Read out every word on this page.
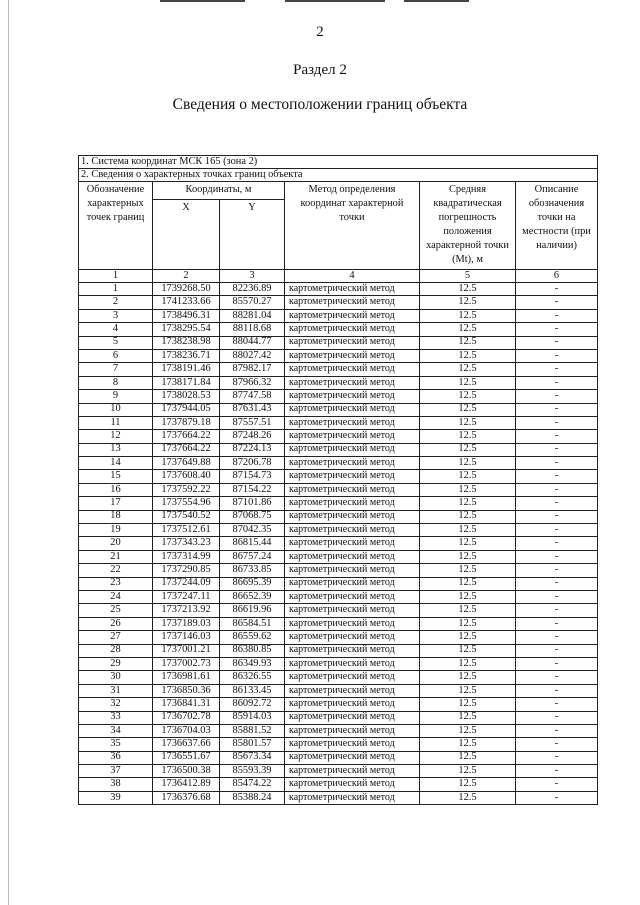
2
Раздел 2
Сведения о местоположении границ объекта
1. Система координат МСК 165 (зона 2)					
2. Сведения о характерных точках границ объекта					
Обозначение характерных точек границ	Координаты, м		Метод определения координат характерной точки	Средняя квадратическая погрешность положения характерной точки (Mt), м	Описание обозначения точки на местности (при наличии)
	X	Y			
1	2	3	4	5	6
1	1739268.50	82236.89	картометрический метод	12.5	-
2	1741233.66	85570.27	картометрический метод	12.5	-
3	1738496.31	88281.04	картометрический метод	12.5	-
4	1738295.54	88118.68	картометрический метод	12.5	-
5	1738238.98	88044.77	картометрический метод	12.5	-
6	1738236.71	88027.42	картометрический метод	12.5	-
7	1738191.46	87982.17	картометрический метод	12.5	-
8	1738171.84	87966.32	картометрический метод	12.5	-
9	1738028.53	87747.58	картометрический метод	12.5	-
10	1737944.05	87631.43	картометрический метод	12.5	-
11	1737879.18	87557.51	картометрический метод	12.5	-
12	1737664.22	87248.26	картометрический метод	12.5	-
13	1737664.22	87224.13	картометрический метод	12.5	-
14	1737649.88	87206.78	картометрический метод	12.5	-
15	1737608.40	87154.73	картометрический метод	12.5	-
16	1737592.22	87154.22	картометрический метод	12.5	-
17	1737554.96	87101.86	картометрический метод	12.5	-
18	1737540.52	87068.75	картометрический метод	12.5	-
19	1737512.61	87042.35	картометрический метод	12.5	-
20	1737343.23	86815.44	картометрический метод	12.5	-
21	1737314.99	86757.24	картометрический метод	12.5	-
22	1737290.85	86733.85	картометрический метод	12.5	-
23	1737244.09	86695.39	картометрический метод	12.5	-
24	1737247.11	86652.39	картометрический метод	12.5	-
25	1737213.92	86619.96	картометрический метод	12.5	-
26	1737189.03	86584.51	картометрический метод	12.5	-
27	1737146.03	86559.62	картометрический метод	12.5	-
28	1737001.21	86380.85	картометрический метод	12.5	-
29	1737002.73	86349.93	картометрический метод	12.5	-
30	1736981.61	86326.55	картометрический метод	12.5	-
31	1736850.36	86133.45	картометрический метод	12.5	-
32	1736841.31	86092.72	картометрический метод	12.5	-
33	1736702.78	85914.03	картометрический метод	12.5	-
34	1736704.03	85881.52	картометрический метод	12.5	-
35	1736637.66	85801.57	картометрический метод	12.5	-
36	1736551.67	85673.34	картометрический метод	12.5	-
37	1736500.38	85593.39	картометрический метод	12.5	-
38	1736412.89	85474.22	картометрический метод	12.5	-
39	1736376.68	85388.24	картометрический метод	12.5	-
